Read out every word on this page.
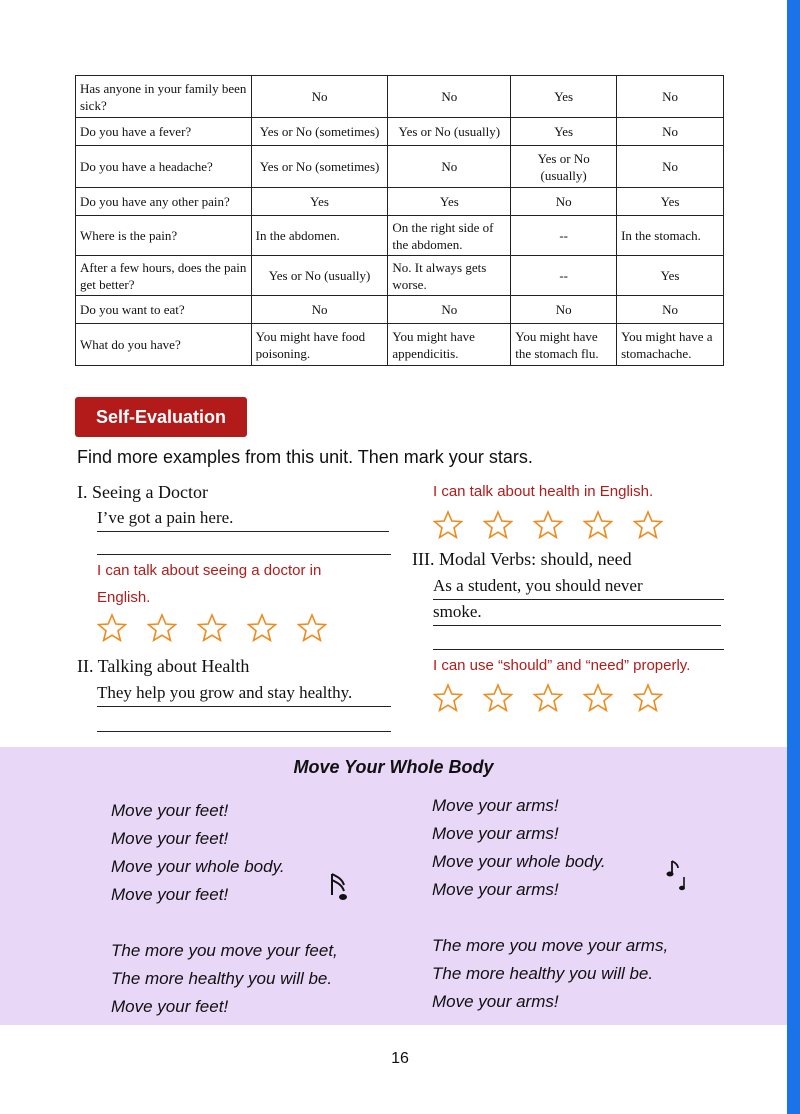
Has anyone in your family been sick?	No	No	Yes	No
Do you have a fever?	Yes or No (sometimes)	Yes or No (usually)	Yes	No
Do you have a headache?	Yes or No (sometimes)	No	Yes or No (usually)	No
Do you have any other pain?	Yes	Yes	No	Yes
Where is the pain?	In the abdomen.	On the right side of the abdomen.	--	In the stomach.
After a few hours, does the pain get better?	Yes or No (usually)	No. It always gets worse.	--	Yes
Do you want to eat?	No	No	No	No
What do you have?	You might have food poisoning.	You might have appendicitis.	You might have the stomach flu.	You might have a stomachache.
Self-Evaluation
Find more examples from this unit. Then mark your stars.
I. Seeing a Doctor
I’ve got a pain here.
I can talk about seeing a doctor in English.
II. Talking about Health
They help you grow and stay healthy.
I can talk about health in English.
III. Modal Verbs: should, need
As a student, you should never
smoke.
I can use “should” and “need” properly.
Move Your Whole Body
Move your feet!
Move your feet!
Move your whole body.
Move your feet!
The more you move your feet,
The more healthy you will be.
Move your feet!
Move your arms!
Move your arms!
Move your whole body.
Move your arms!
The more you move your arms,
The more healthy you will be.
Move your arms!
16
